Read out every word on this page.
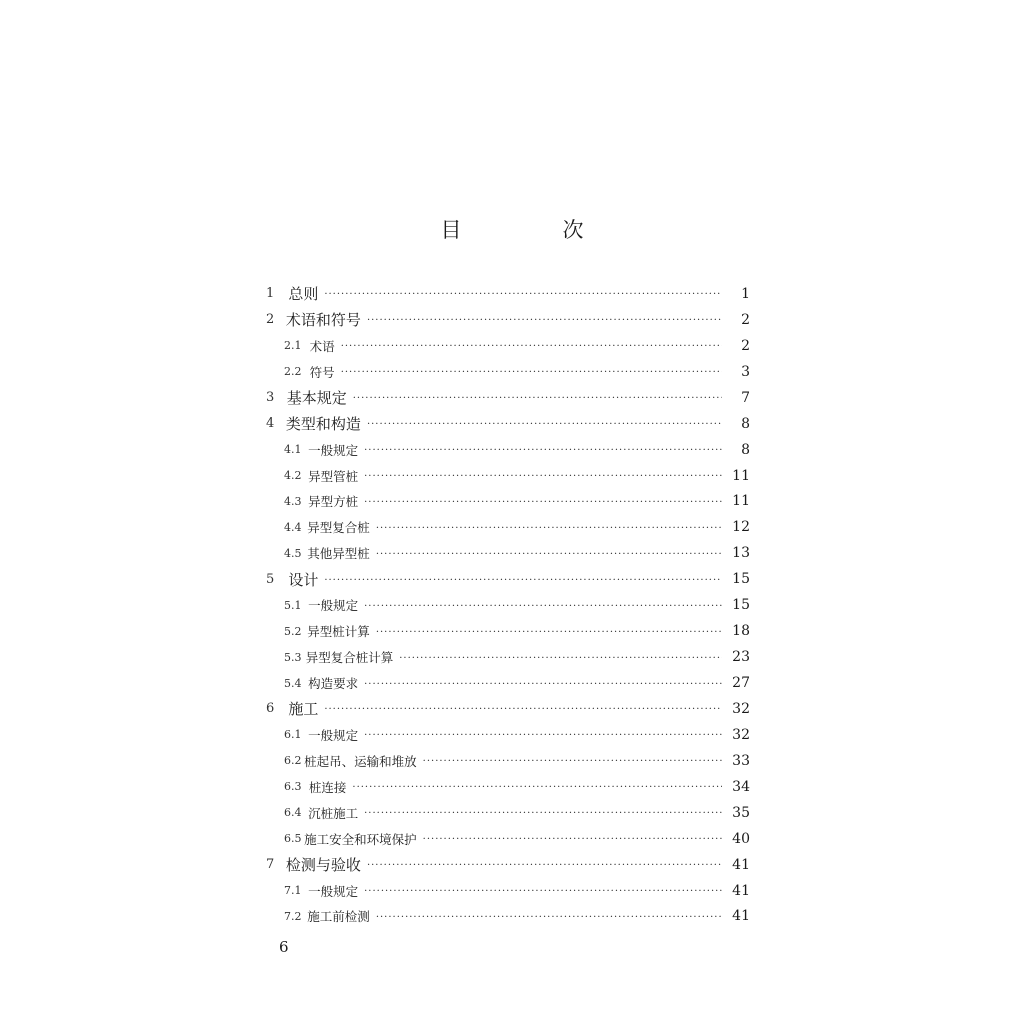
目　次
1 总则 ·····	1
2 术语和符号 ·····	2
2.1 术语 ·····	2
2.2 符号 ·····	3
3 基本规定 ·····	7
4 类型和构造 ·····	8
4.1 一般规定 ·····	8
4.2 异型管桩 ·····	11
4.3 异型方桩 ·····	11
4.4 异型复合桩 ·····	12
4.5 其他异型桩 ·····	13
5 设计 ·····	15
5.1 一般规定 ·····	15
5.2 异型桩计算 ·····	18
5.3 异型复合桩计算 ·····	23
5.4 构造要求 ·····	27
6 施工 ·····	32
6.1 一般规定 ·····	32
6.2 桩起吊、运输和堆放 ·····	33
6.3 桩连接 ·····	34
6.4 沉桩施工 ·····	35
6.5 施工安全和环境保护 ·····	40
7 检测与验收 ·····	41
7.1 一般规定 ·····	41
7.2 施工前检测 ·····	41
6
